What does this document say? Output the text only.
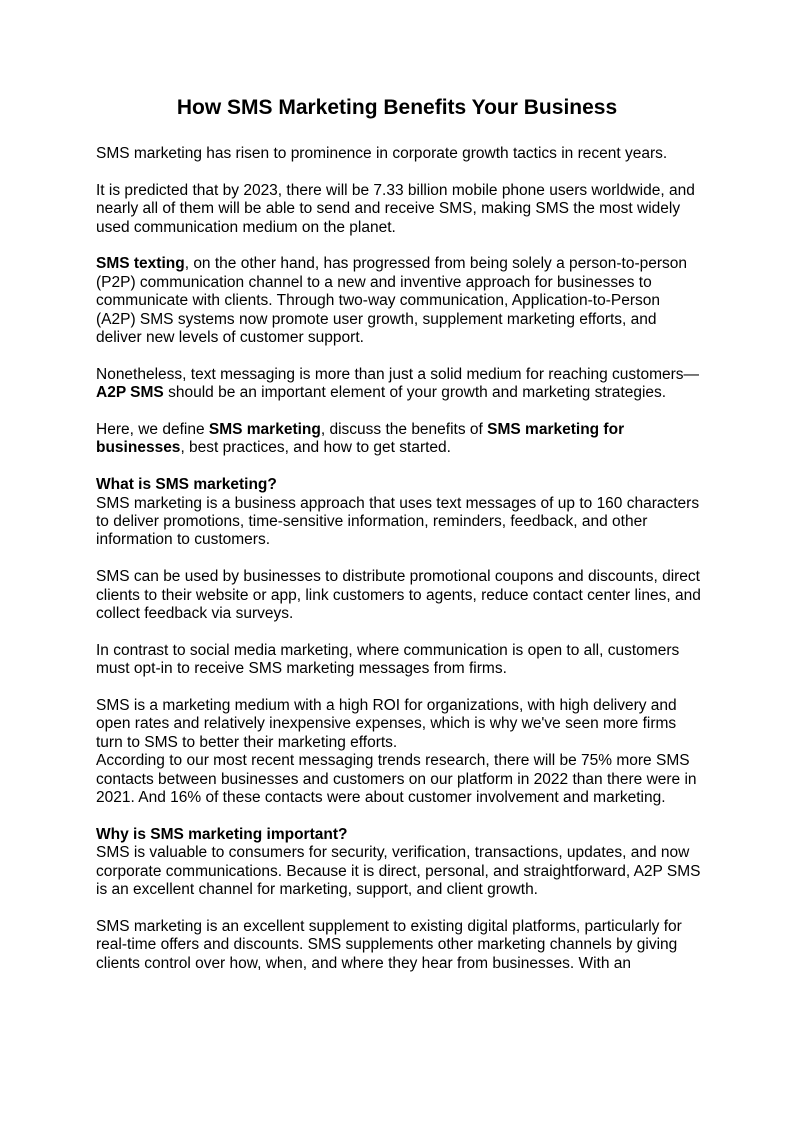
How SMS Marketing Benefits Your Business

SMS marketing has risen to prominence in corporate growth tactics in recent years.

It is predicted that by 2023, there will be 7.33 billion mobile phone users worldwide, and nearly all of them will be able to send and receive SMS, making SMS the most widely used communication medium on the planet.

SMS texting, on the other hand, has progressed from being solely a person-to-person (P2P) communication channel to a new and inventive approach for businesses to communicate with clients. Through two-way communication, Application-to-Person (A2P) SMS systems now promote user growth, supplement marketing efforts, and deliver new levels of customer support.

Nonetheless, text messaging is more than just a solid medium for reaching customers—A2P SMS should be an important element of your growth and marketing strategies.

Here, we define SMS marketing, discuss the benefits of SMS marketing for businesses, best practices, and how to get started.

What is SMS marketing?

SMS marketing is a business approach that uses text messages of up to 160 characters to deliver promotions, time-sensitive information, reminders, feedback, and other information to customers.

SMS can be used by businesses to distribute promotional coupons and discounts, direct clients to their website or app, link customers to agents, reduce contact center lines, and collect feedback via surveys.

In contrast to social media marketing, where communication is open to all, customers must opt-in to receive SMS marketing messages from firms.

SMS is a marketing medium with a high ROI for organizations, with high delivery and open rates and relatively inexpensive expenses, which is why we've seen more firms turn to SMS to better their marketing efforts.

According to our most recent messaging trends research, there will be 75% more SMS contacts between businesses and customers on our platform in 2022 than there were in 2021. And 16% of these contacts were about customer involvement and marketing.

Why is SMS marketing important?

SMS is valuable to consumers for security, verification, transactions, updates, and now corporate communications. Because it is direct, personal, and straightforward, A2P SMS is an excellent channel for marketing, support, and client growth.

SMS marketing is an excellent supplement to existing digital platforms, particularly for real-time offers and discounts. SMS supplements other marketing channels by giving clients control over how, when, and where they hear from businesses. With an
